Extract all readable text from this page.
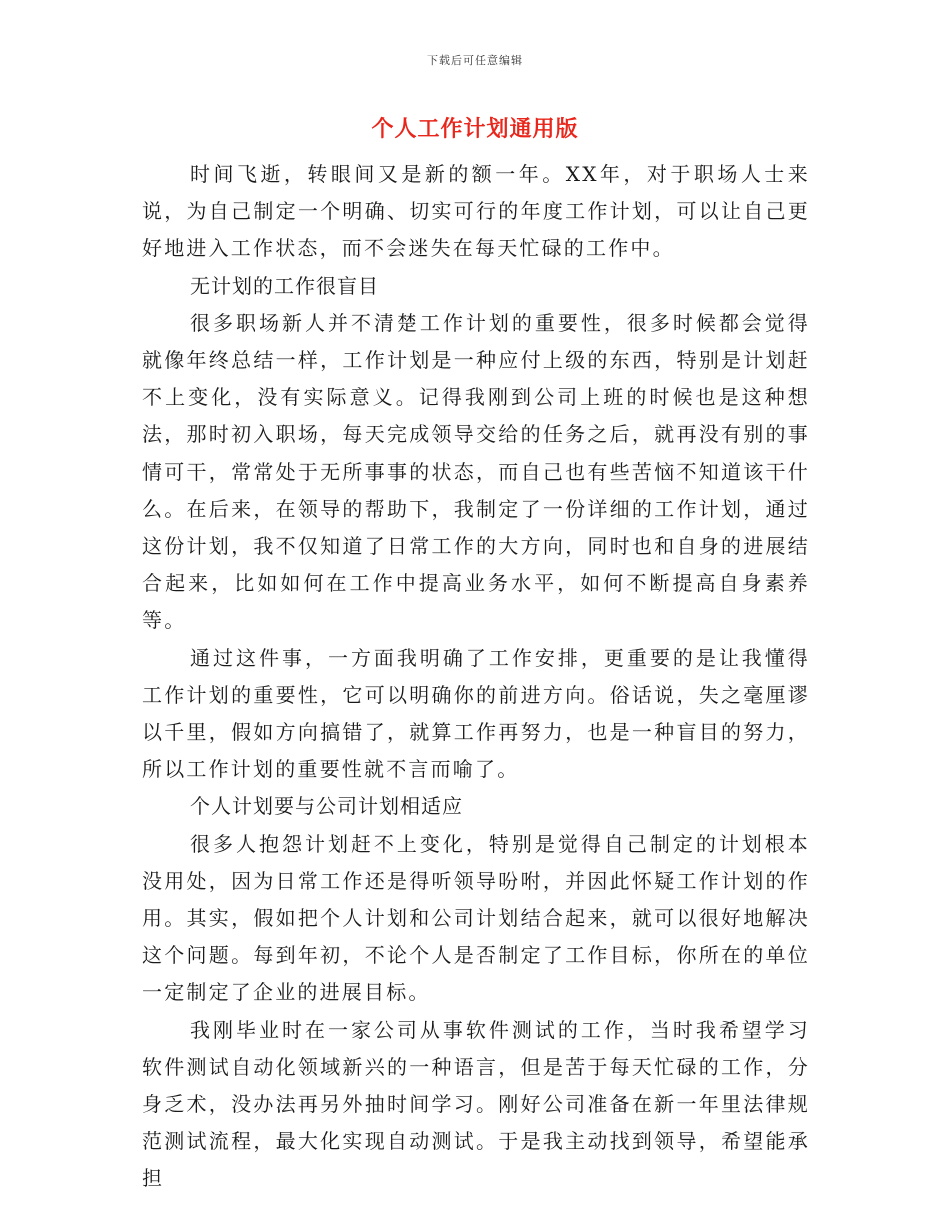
下载后可任意编辑
个人工作计划通用版

时间飞逝，转眼间又是新的额一年。XX年，对于职场人士来说，为自己制定一个明确、切实可行的年度工作计划，可以让自己更好地进入工作状态，而不会迷失在每天忙碌的工作中。

无计划的工作很盲目

很多职场新人并不清楚工作计划的重要性，很多时候都会觉得就像年终总结一样，工作计划是一种应付上级的东西，特别是计划赶不上变化，没有实际意义。记得我刚到公司上班的时候也是这种想法，那时初入职场，每天完成领导交给的任务之后，就再没有别的事情可干，常常处于无所事事的状态，而自己也有些苦恼不知道该干什么。在后来，在领导的帮助下，我制定了一份详细的工作计划，通过这份计划，我不仅知道了日常工作的大方向，同时也和自身的进展结合起来，比如如何在工作中提高业务水平，如何不断提高自身素养等。

通过这件事，一方面我明确了工作安排，更重要的是让我懂得工作计划的重要性，它可以明确你的前进方向。俗话说，失之毫厘谬以千里，假如方向搞错了，就算工作再努力，也是一种盲目的努力，所以工作计划的重要性就不言而喻了。

个人计划要与公司计划相适应

很多人抱怨计划赶不上变化，特别是觉得自己制定的计划根本没用处，因为日常工作还是得听领导吩咐，并因此怀疑工作计划的作用。其实，假如把个人计划和公司计划结合起来，就可以很好地解决这个问题。每到年初，不论个人是否制定了工作目标，你所在的单位一定制定了企业的进展目标。

我刚毕业时在一家公司从事软件测试的工作，当时我希望学习软件测试自动化领域新兴的一种语言，但是苦于每天忙碌的工作，分身乏术，没办法再另外抽时间学习。刚好公司准备在新一年里法律规范测试流程，最大化实现自动测试。于是我主动找到领导，希望能承担
